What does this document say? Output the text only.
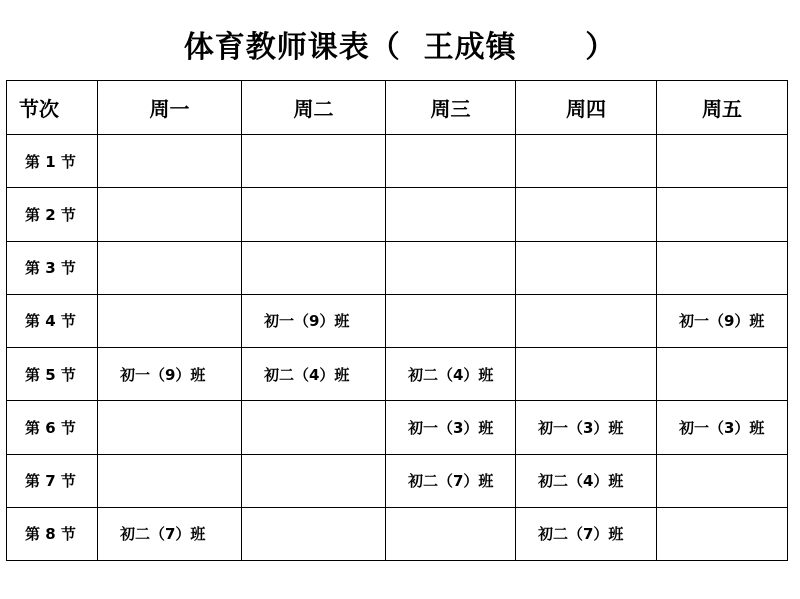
体育教师课表（  王成镇      ）
节次	周一	周二	周三	周四	周五
第 1 节					
第 2 节					
第 3 节					
第 4 节		初一（9）班			初一（9）班
第 5 节	初一（9）班	初二（4）班	初二（4）班		
第 6 节			初一（3）班	初一（3）班	初一（3）班
第 7 节			初二（7）班	初二（4）班	
第 8 节	初二（7）班			初二（7）班	
